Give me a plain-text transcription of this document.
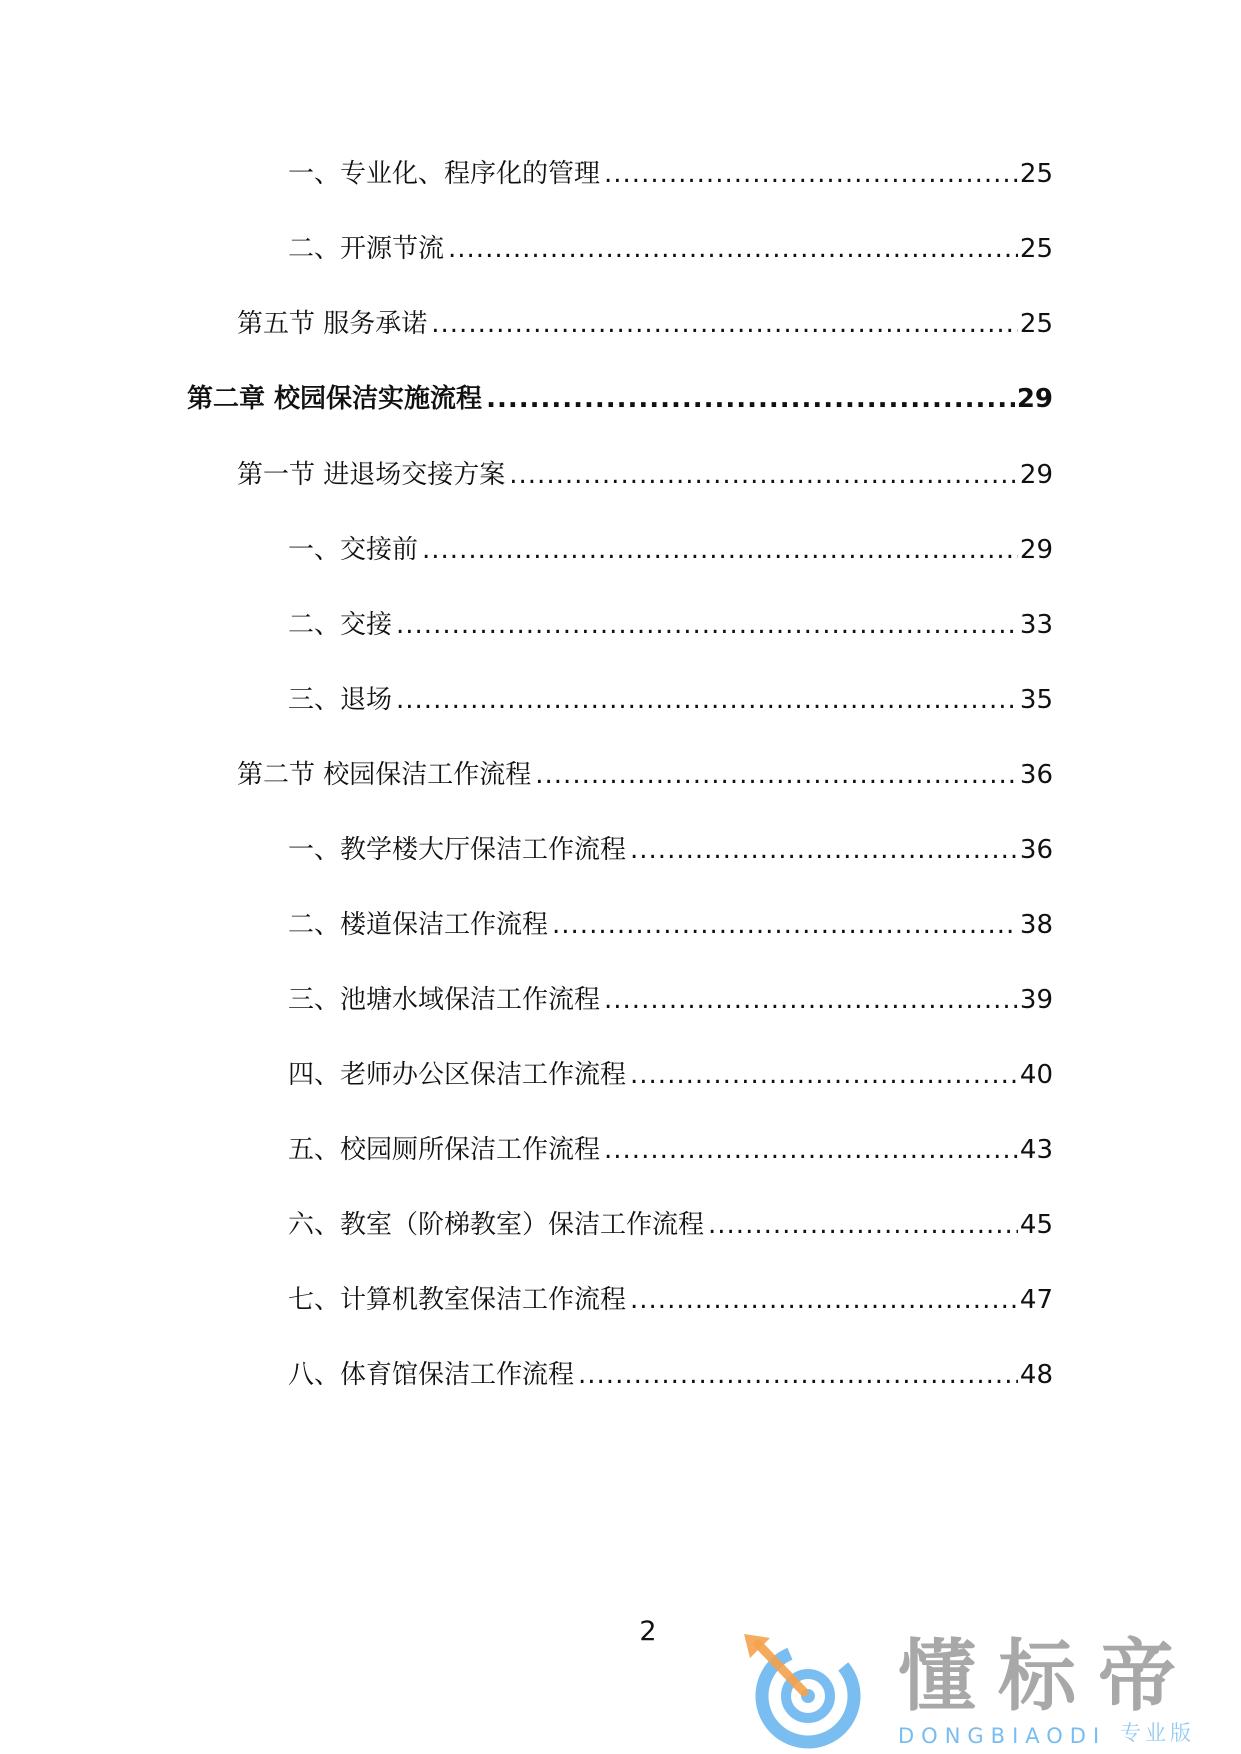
一、专业化、程序化的管理 .....	25
二、开源节流 .....	25
第五节 服务承诺 .....	25
第二章 校园保洁实施流程 .....	29
第一节 进退场交接方案 .....	29
一、交接前 .....	29
二、交接 .....	33
三、退场 .....	35
第二节 校园保洁工作流程 .....	36
一、教学楼大厅保洁工作流程 .....	36
二、楼道保洁工作流程 .....	38
三、池塘水域保洁工作流程 .....	39
四、老师办公区保洁工作流程 .....	40
五、校园厕所保洁工作流程 .....	43
六、教室（阶梯教室）保洁工作流程 .....	45
七、计算机教室保洁工作流程 .....	47
八、体育馆保洁工作流程 .....	48
2
懂标帝
DONGBIAODI 专业版
